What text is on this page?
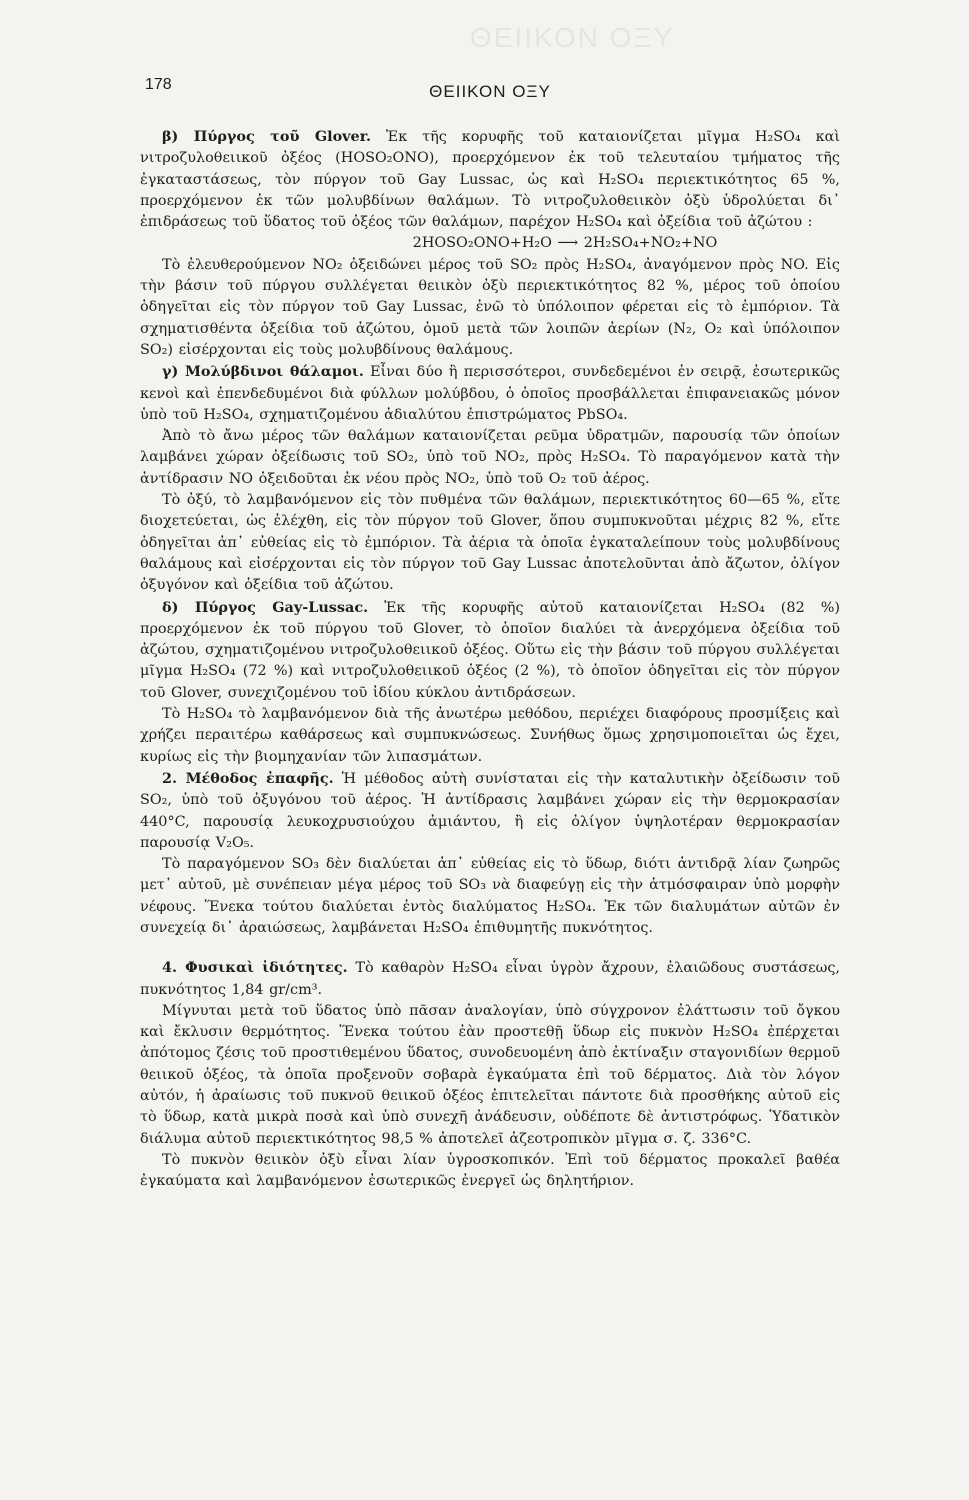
ΘΕΙΙΚΟΝ ΟΞΥ
178	ΘΕΙΙΚΟΝ ΟΞΥ

β) Πύργος τοῦ Glover. Ἐκ τῆς κορυφῆς τοῦ καταιονίζεται μῖγμα H₂SO₄ καὶ νιτροζυλοθειικοῦ ὀξέος (HOSO₂ONO), προερχόμενον ἐκ τοῦ τελευταίου τμήματος τῆς ἐγκαταστάσεως, τὸν πύργον τοῦ Gay Lussac, ὡς καὶ H₂SO₄ περιεκτικότητος 65 %, προερχόμενον ἐκ τῶν μολυβδίνων θαλάμων. Τὸ νιτροζυλοθειικὸν ὀξὺ ὑδρολύεται δι᾽ ἐπιδράσεως τοῦ ὕδατος τοῦ ὀξέος τῶν θαλάμων, παρέχον H₂SO₄ καὶ ὀξείδια τοῦ ἀζώτου :

2HOSO₂ONO+H₂O ⟶ 2H₂SO₄+NO₂+NO

Τὸ ἐλευθερούμενον NO₂ ὀξειδώνει μέρος τοῦ SO₂ πρὸς H₂SO₄, ἀναγόμενον πρὸς NO. Εἰς τὴν βάσιν τοῦ πύργου συλλέγεται θειικὸν ὀξὺ περιεκτικότητος 82 %, μέρος τοῦ ὁποίου ὁδηγεῖται εἰς τὸν πύργον τοῦ Gay Lussac, ἐνῶ τὸ ὑπόλοιπον φέρεται εἰς τὸ ἐμπόριον. Τὰ σχηματισθέντα ὀξείδια τοῦ ἀζώτου, ὁμοῦ μετὰ τῶν λοιπῶν ἀερίων (N₂, O₂ καὶ ὑπόλοιπον SO₂) εἰσέρχονται εἰς τοὺς μολυβδίνους θαλάμους.

γ) Μολύβδινοι θάλαμοι. Εἶναι δύο ἢ περισσότεροι, συνδεδεμένοι ἐν σειρᾷ, ἐσωτερικῶς κενοὶ καὶ ἐπενδεδυμένοι διὰ φύλλων μολύβδου, ὁ ὁποῖος προσβάλλεται ἐπιφανειακῶς μόνον ὑπὸ τοῦ H₂SO₄, σχηματιζομένου ἀδιαλύτου ἐπιστρώματος PbSO₄.

Ἀπὸ τὸ ἄνω μέρος τῶν θαλάμων καταιονίζεται ρεῦμα ὑδρατμῶν, παρουσίᾳ τῶν ὁποίων λαμβάνει χώραν ὀξείδωσις τοῦ SO₂, ὑπὸ τοῦ NO₂, πρὸς H₂SO₄. Τὸ παραγόμενον κατὰ τὴν ἀντίδρασιν NO ὀξειδοῦται ἐκ νέου πρὸς NO₂, ὑπὸ τοῦ O₂ τοῦ ἀέρος.

Τὸ ὀξύ, τὸ λαμβανόμενον εἰς τὸν πυθμένα τῶν θαλάμων, περιεκτικότητος 60—65 %, εἴτε διοχετεύεται, ὡς ἐλέχθη, εἰς τὸν πύργον τοῦ Glover, ὅπου συμπυκνοῦται μέχρις 82 %, εἴτε ὁδηγεῖται ἀπ᾽ εὐθείας εἰς τὸ ἐμπόριον. Τὰ ἀέρια τὰ ὁποῖα ἐγκαταλείπουν τοὺς μολυβδίνους θαλάμους καὶ εἰσέρχονται εἰς τὸν πύργον τοῦ Gay Lussac ἀποτελοῦνται ἀπὸ ἄζωτον, ὀλίγον ὀξυγόνον καὶ ὀξείδια τοῦ ἀζώτου.

δ) Πύργος Gay-Lussac. Ἐκ τῆς κορυφῆς αὐτοῦ καταιονίζεται H₂SO₄ (82 %) προερχόμενον ἐκ τοῦ πύργου τοῦ Glover, τὸ ὁποῖον διαλύει τὰ ἀνερχόμενα ὀξείδια τοῦ ἀζώτου, σχηματιζομένου νιτροζυλοθειικοῦ ὀξέος. Οὕτω εἰς τὴν βάσιν τοῦ πύργου συλλέγεται μῖγμα H₂SO₄ (72 %) καὶ νιτροζυλοθειικοῦ ὀξέος (2 %), τὸ ὁποῖον ὁδηγεῖται εἰς τὸν πύργον τοῦ Glover, συνεχιζομένου τοῦ ἰδίου κύκλου ἀντιδράσεων.

Τὸ H₂SO₄ τὸ λαμβανόμενον διὰ τῆς ἀνωτέρω μεθόδου, περιέχει διαφόρους προσμίξεις καὶ χρήζει περαιτέρω καθάρσεως καὶ συμπυκνώσεως. Συνήθως ὅμως χρησιμοποιεῖται ὡς ἔχει, κυρίως εἰς τὴν βιομηχανίαν τῶν λιπασμάτων.

2. Μέθοδος ἐπαφῆς. Ἡ μέθοδος αὐτὴ συνίσταται εἰς τὴν καταλυτικὴν ὀξείδωσιν τοῦ SO₂, ὑπὸ τοῦ ὀξυγόνου τοῦ ἀέρος. Ἡ ἀντίδρασις λαμβάνει χώραν εἰς τὴν θερμοκρασίαν 440°C, παρουσίᾳ λευκοχρυσιούχου ἀμιάντου, ἢ εἰς ὀλίγον ὑψηλοτέραν θερμοκρασίαν παρουσίᾳ V₂O₅.

Τὸ παραγόμενον SO₃ δὲν διαλύεται ἀπ᾽ εὐθείας εἰς τὸ ὕδωρ, διότι ἀντιδρᾷ λίαν ζωηρῶς μετ᾽ αὐτοῦ, μὲ συνέπειαν μέγα μέρος τοῦ SO₃ νὰ διαφεύγῃ εἰς τὴν ἀτμόσφαιραν ὑπὸ μορφὴν νέφους. Ἕνεκα τούτου διαλύεται ἐντὸς διαλύματος H₂SO₄. Ἐκ τῶν διαλυμάτων αὐτῶν ἐν συνεχείᾳ δι᾽ ἀραιώσεως, λαμβάνεται H₂SO₄ ἐπιθυμητῆς πυκνότητος.

4. Φυσικαὶ ἰδιότητες. Τὸ καθαρὸν H₂SO₄ εἶναι ὑγρὸν ἄχρουν, ἐλαιῶδους συστάσεως, πυκνότητος 1,84 gr/cm³.

Μίγνυται μετὰ τοῦ ὕδατος ὑπὸ πᾶσαν ἀναλογίαν, ὑπὸ σύγχρονον ἐλάττωσιν τοῦ ὄγκου καὶ ἔκλυσιν θερμότητος. Ἕνεκα τούτου ἐὰν προστεθῇ ὕδωρ εἰς πυκνὸν H₂SO₄ ἐπέρχεται ἀπότομος ζέσις τοῦ προστιθεμένου ὕδατος, συνοδευομένη ἀπὸ ἐκτίναξιν σταγονιδίων θερμοῦ θειικοῦ ὀξέος, τὰ ὁποῖα προξενοῦν σοβαρὰ ἐγκαύματα ἐπὶ τοῦ δέρματος. Διὰ τὸν λόγον αὐτόν, ἡ ἀραίωσις τοῦ πυκνοῦ θειικοῦ ὀξέος ἐπιτελεῖται πάντοτε διὰ προσθήκης αὐτοῦ εἰς τὸ ὕδωρ, κατὰ μικρὰ ποσὰ καὶ ὑπὸ συνεχῆ ἀνάδευσιν, οὐδέποτε δὲ ἀντιστρόφως. Ὑδατικὸν διάλυμα αὐτοῦ περιεκτικότητος 98,5 % ἀποτελεῖ ἀζεοτροπικὸν μῖγμα σ. ζ. 336°C.

Τὸ πυκνὸν θειικὸν ὀξὺ εἶναι λίαν ὑγροσκοπικόν. Ἐπὶ τοῦ δέρματος προκαλεῖ βαθέα ἐγκαύματα καὶ λαμβανόμενον ἐσωτερικῶς ἐνεργεῖ ὡς δηλητήριον.
